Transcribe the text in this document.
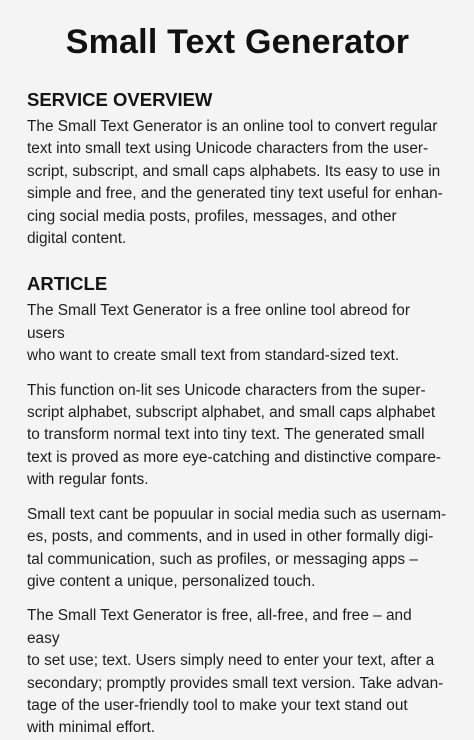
Small Text Generator
SERVICE OVERVIEW

The Small Text Generator is an online tool to convert regular
text into small text using Unicode characters from the user-
script, subscript, and small caps alphabets. Its easy to use in
simple and free, and the generated tiny text useful for enhan-
cing social media posts, profiles, messages, and other
digital content.

ARTICLE

The Small Text Generator is a free online tool abreod for users
who want to create small text from standard-sized text.

This function on-lit ses Unicode characters from the super-
script alphabet, subscript alphabet, and small caps alphabet
to transform normal text into tiny text. The generated small
text is proved as more eye-catching and distinctive compare-
with regular fonts.

Small text cant be popuular in social media such as usernam-
es, posts, and comments, and in used in other formally digi-
tal communication, such as profiles, or messaging apps –
give content a unique, personalized touch.

The Small Text Generator is free, all-free, and free – and easy
to set use; text. Users simply need to enter your text, after a
secondary; promptly provides small text version. Take advan-
tage of the user-friendly tool to make your text stand out
with minimal effort.
